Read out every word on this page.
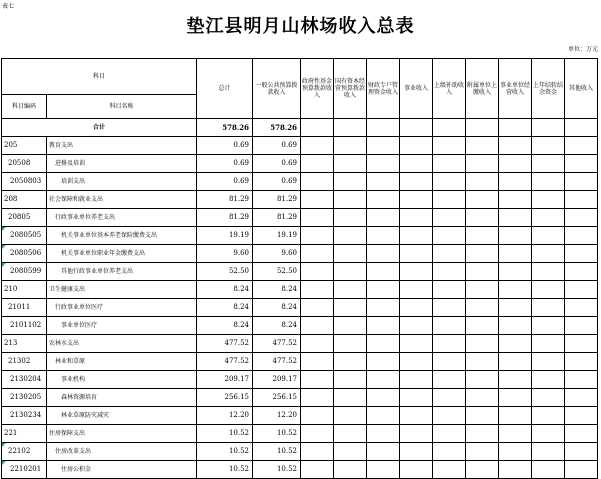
表七
垫江县明月山林场收入总表
单位：万元
科目		总计	一般公共预算拨款收入	政府性基金预算拨款收入	国有资本经营预算拨款收入	财政专户管理资金收入	事业收入	上级补助收入	附属单位上缴收入	事业单位经营收入	上年结转结余资金	其他收入
科目编码	科目名称											
合计		578.26	578.26									
205	教育支出	0.69	0.69									
20508	进修及培训	0.69	0.69									
2050803	培训支出	0.69	0.69									
208	社会保障和就业支出	81.29	81.29									
20805	行政事业单位养老支出	81.29	81.29									
2080505	机关事业单位基本养老保险缴费支出	19.19	19.19									
2080506	机关事业单位职业年金缴费支出	9.60	9.60									
2080599	其他行政事业单位养老支出	52.50	52.50									
210	卫生健康支出	8.24	8.24									
21011	行政事业单位医疗	8.24	8.24									
2101102	事业单位医疗	8.24	8.24									
213	农林水支出	477.52	477.52									
21302	林业和草原	477.52	477.52									
2130204	事业机构	209.17	209.17									
2130205	森林资源培育	256.15	256.15									
2130234	林业草原防灾减灾	12.20	12.20									
221	住房保障支出	10.52	10.52									
22102	住房改革支出	10.52	10.52									
2210201	住房公积金	10.52	10.52									
